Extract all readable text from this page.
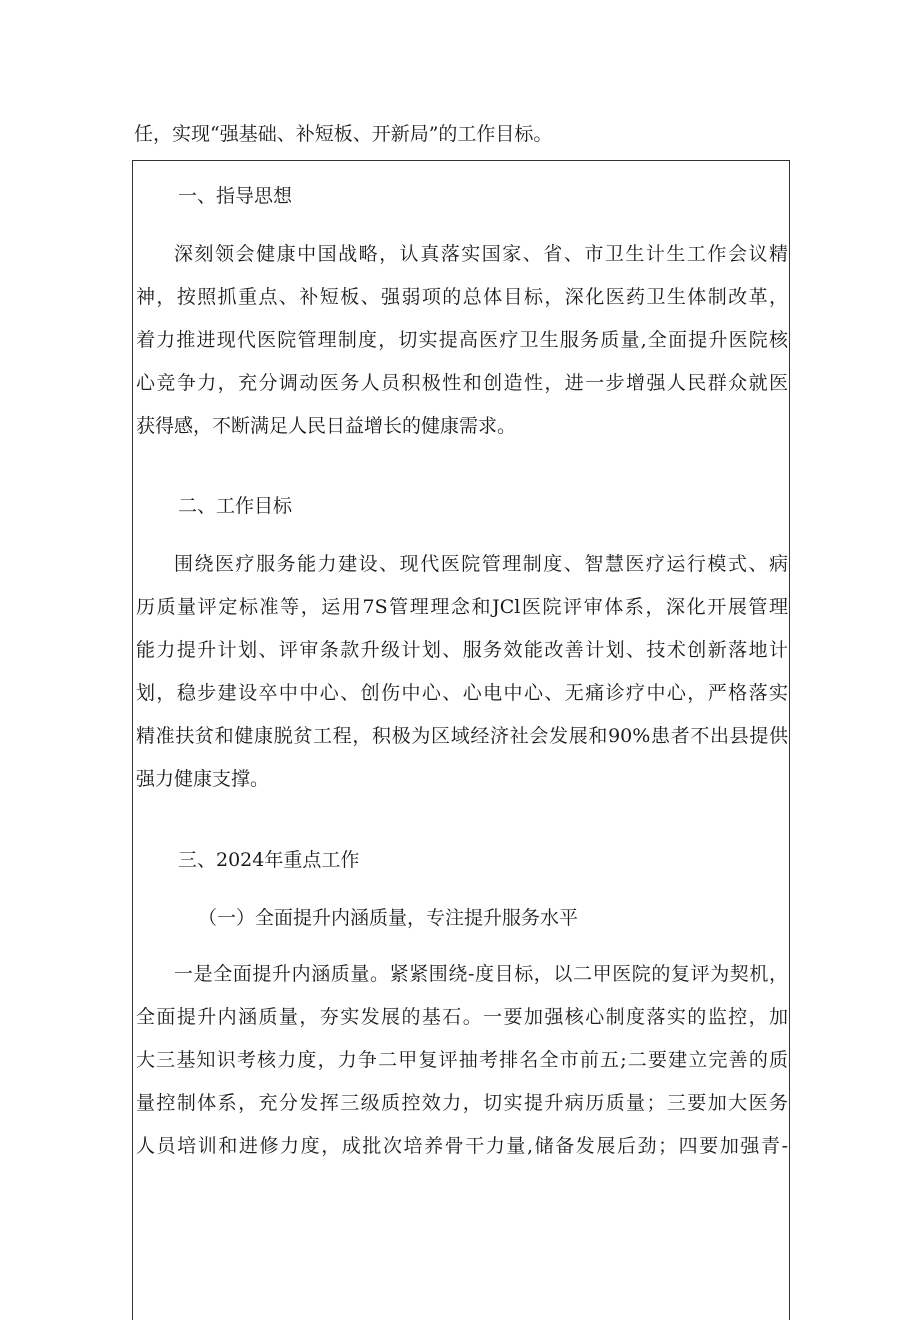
任，实现“强基础、补短板、开新局”的工作目标。
一、指导思想
深刻领会健康中国战略，认真落实国家、省、市卫生计生工作会议精
神，按照抓重点、补短板、强弱项的总体目标，深化医药卫生体制改革，
着力推进现代医院管理制度，切实提高医疗卫生服务质量,全面提升医院核
心竞争力，充分调动医务人员积极性和创造性，进一步增强人民群众就医
获得感，不断满足人民日益增长的健康需求。
二、工作目标
围绕医疗服务能力建设、现代医院管理制度、智慧医疗运行模式、病
历质量评定标准等，运用7S管理理念和JCl医院评审体系，深化开展管理
能力提升计划、评审条款升级计划、服务效能改善计划、技术创新落地计
划，稳步建设卒中中心、创伤中心、心电中心、无痛诊疗中心，严格落实
精准扶贫和健康脱贫工程，积极为区域经济社会发展和90%患者不出县提供
强力健康支撑。
三、2024年重点工作
（一）全面提升内涵质量，专注提升服务水平
一是全面提升内涵质量。紧紧围绕-度目标，以二甲医院的复评为契机，
全面提升内涵质量，夯实发展的基石。一要加强核心制度落实的监控，加
大三基知识考核力度，力争二甲复评抽考排名全市前五;二要建立完善的质
量控制体系，充分发挥三级质控效力，切实提升病历质量；三要加大医务
人员培训和进修力度，成批次培养骨干力量,储备发展后劲；四要加强青-
